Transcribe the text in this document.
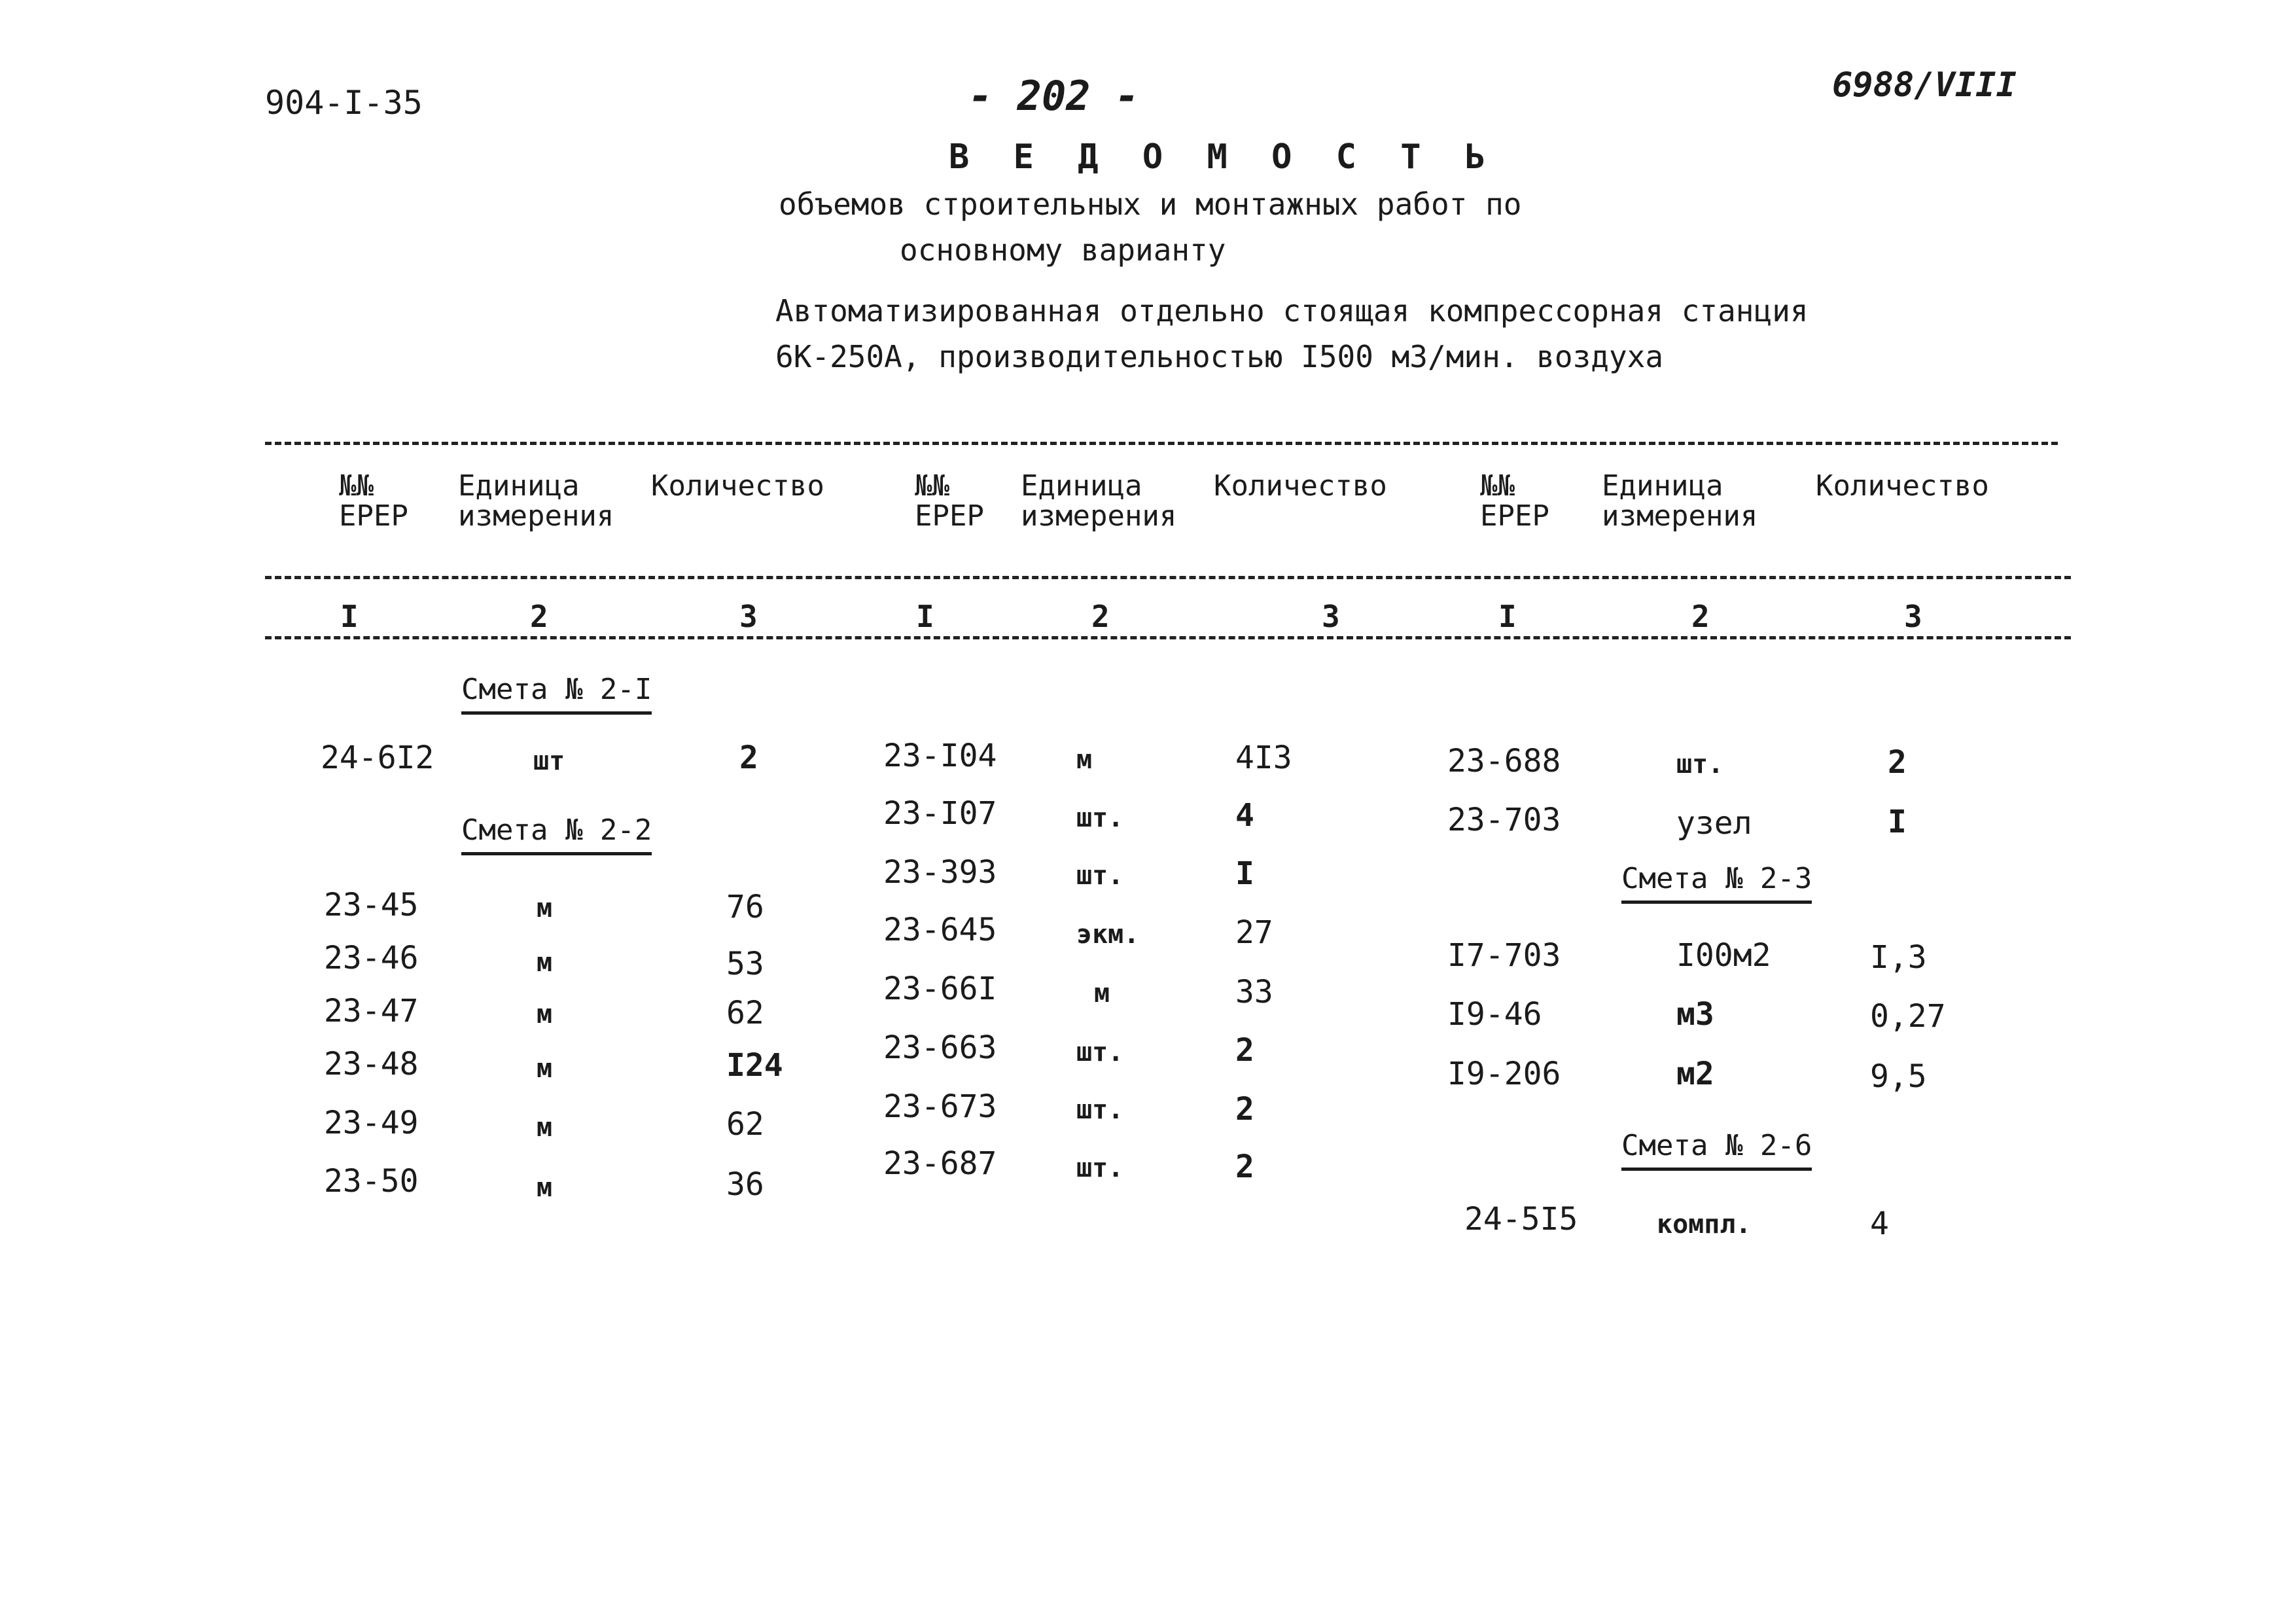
904-I-35	- 202 -	6988/VIII
В Е Д О М О С Т Ь
объемов строительных и монтажных работ по
основному варианту
Автоматизированная отдельно стоящая компрессорная станция
6К-250А, производительностью I500 м3/мин. воздуха
№№
ЕРЕР
Единица
измерения
Количество	№№
ЕРЕР
Единица
измерения
Количество	№№
ЕРЕР
Единица
измерения
Количество
I	2	3	I	2	3	I	2	3
Смета № 2-I
24-6I2	шт	2
Смета № 2-2
23-45	м	76
23-46	м	53
23-47	м	62
23-48	м	I24
23-49	м	62
23-50	м	36
23-I04	м	4I3
23-I07	шт.	4
23-393	шт.	I
23-645	экм.	27
23-66I	м	33
23-663	шт.	2
23-673	шт.	2
23-687	шт.	2
23-688	шт.	2
23-703	узел	I
Смета № 2-3
I7-703	I00м2	I,3
I9-46	м3	0,27
I9-206	м2	9,5
Смета № 2-6
24-5I5	компл.	4
